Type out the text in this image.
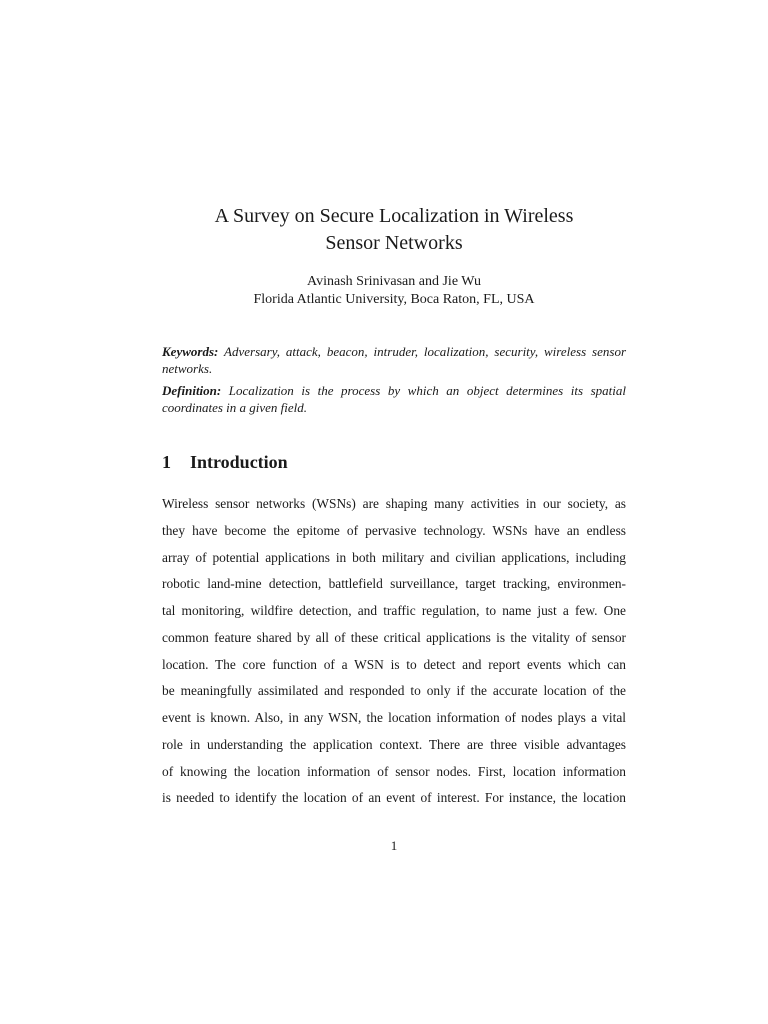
A Survey on Secure Localization in Wireless
Sensor Networks
Avinash Srinivasan and Jie Wu
Florida Atlantic University, Boca Raton, FL, USA
Keywords: Adversary, attack, beacon, intruder, localization, security, wireless sensor networks.
Definition: Localization is the process by which an object determines its spatial coordinates in a given field.
1 Introduction
Wireless sensor networks (WSNs) are shaping many activities in our society, as
they have become the epitome of pervasive technology. WSNs have an endless
array of potential applications in both military and civilian applications, including
robotic land-mine detection, battlefield surveillance, target tracking, environmen-
tal monitoring, wildfire detection, and traffic regulation, to name just a few. One
common feature shared by all of these critical applications is the vitality of sensor
location. The core function of a WSN is to detect and report events which can
be meaningfully assimilated and responded to only if the accurate location of the
event is known. Also, in any WSN, the location information of nodes plays a vital
role in understanding the application context. There are three visible advantages
of knowing the location information of sensor nodes. First, location information
is needed to identify the location of an event of interest. For instance, the location
1
